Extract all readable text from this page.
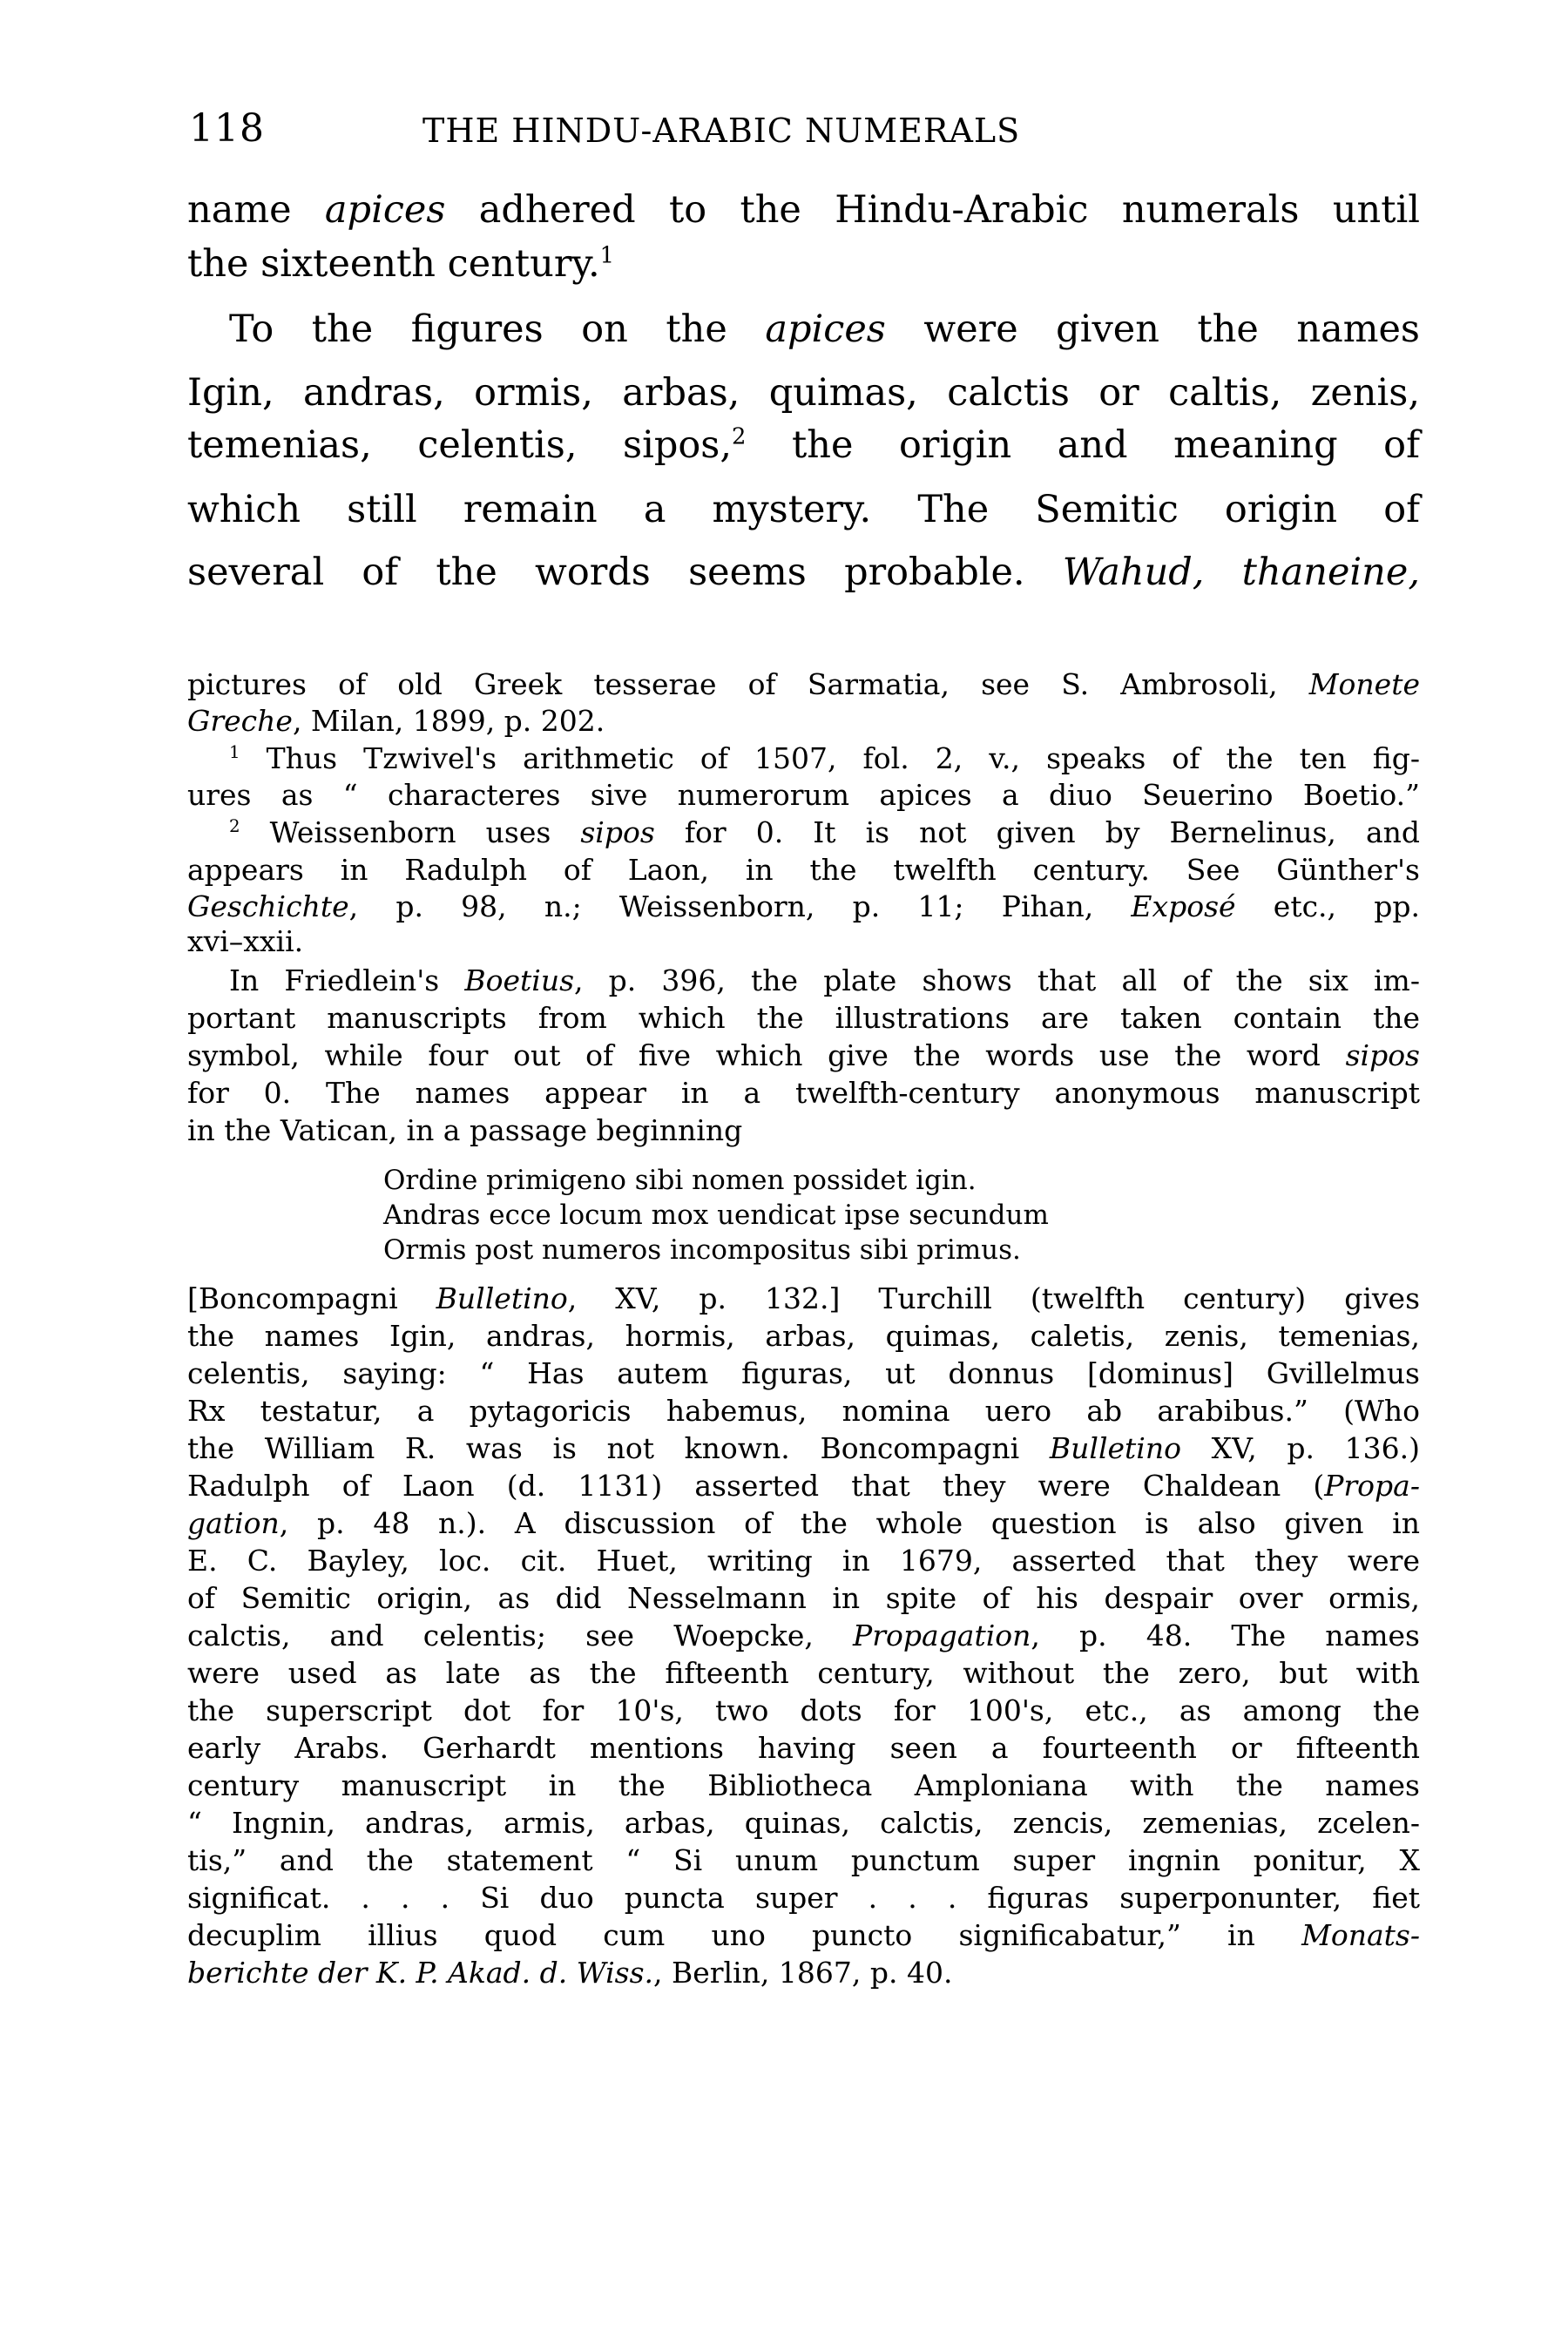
118	THE HINDU-ARABIC NUMERALS
name apices adhered to the Hindu-Arabic numerals until
the sixteenth century.$^1$
To the figures on the apices were given the names
Igin, andras, ormis, arbas, quimas, calctis or caltis, zenis,
temenias, celentis, sipos,$^2$ the origin and meaning of
which still remain a mystery. The Semitic origin of
several of the words seems probable. Wahud, thaneine,
pictures of old Greek tesserae of Sarmatia, see S. Ambrosoli, Monete
Greche, Milan, 1899, p. 202.
$^1$ Thus Tzwivel's arithmetic of 1507, fol. 2, v., speaks of the ten fig-
ures as “ characteres sive numerorum apices a diuo Seuerino Boetio.”
$^2$ Weissenborn uses sipos for 0. It is not given by Bernelinus, and
appears in Radulph of Laon, in the twelfth century. See Günther's
Geschichte, p. 98, n.; Weissenborn, p. 11; Pihan, Exposé etc., pp.
xvi–xxii.
In Friedlein's Boetius, p. 396, the plate shows that all of the six im-
portant manuscripts from which the illustrations are taken contain the
symbol, while four out of five which give the words use the word sipos
for 0. The names appear in a twelfth-century anonymous manuscript
in the Vatican, in a passage beginning
Ordine primigeno sibi nomen possidet igin.
Andras ecce locum mox uendicat ipse secundum
Ormis post numeros incompositus sibi primus.
[Boncompagni Bulletino, XV, p. 132.] Turchill (twelfth century) gives
the names Igin, andras, hormis, arbas, quimas, caletis, zenis, temenias,
celentis, saying: “ Has autem figuras, ut donnus [dominus] Gvillelmus
Rx testatur, a pytagoricis habemus, nomina uero ab arabibus.” (Who
the William R. was is not known. Boncompagni Bulletino XV, p. 136.)
Radulph of Laon (d. 1131) asserted that they were Chaldean (Propa-
gation, p. 48 n.). A discussion of the whole question is also given in
E. C. Bayley, loc. cit. Huet, writing in 1679, asserted that they were
of Semitic origin, as did Nesselmann in spite of his despair over ormis,
calctis, and celentis; see Woepcke, Propagation, p. 48. The names
were used as late as the fifteenth century, without the zero, but with
the superscript dot for 10's, two dots for 100's, etc., as among the
early Arabs. Gerhardt mentions having seen a fourteenth or fifteenth
century manuscript in the Bibliotheca Amploniana with the names
“ Ingnin, andras, armis, arbas, quinas, calctis, zencis, zemenias, zcelen-
tis,” and the statement “ Si unum punctum super ingnin ponitur, X
significat. . . . Si duo puncta super . . . figuras superponunter, fiet
decuplim illius quod cum uno puncto significabatur,” in Monats-
berichte der K. P. Akad. d. Wiss., Berlin, 1867, p. 40.
